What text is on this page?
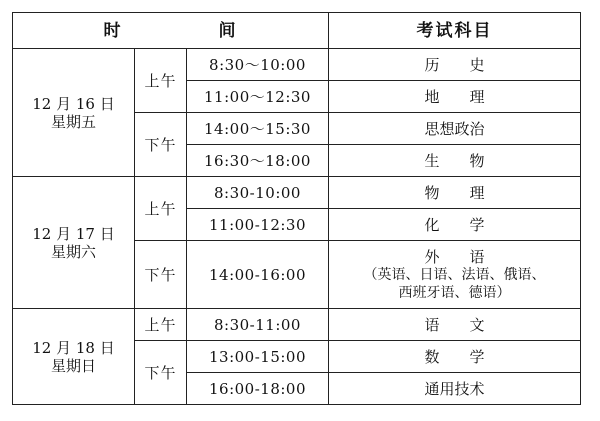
时 间			考试科目

12 月 16 日
星期五	上午	8:30～10:00	历　　史
		11:00～12:30	地　　理
	下午	14:00～15:30	思想政治
		16:30～18:00	生　　物

12 月 17 日
星期六	上午	8:30-10:00	物　　理
		11:00-12:30	化　　学
	下午	14:00-16:00	外　　语
（英语、日语、法语、俄语、
西班牙语、德语）

12 月 18 日
星期日	上午	8:30-11:00	语　　文
	下午	13:00-15:00	数　　学
		16:00-18:00	通用技术
